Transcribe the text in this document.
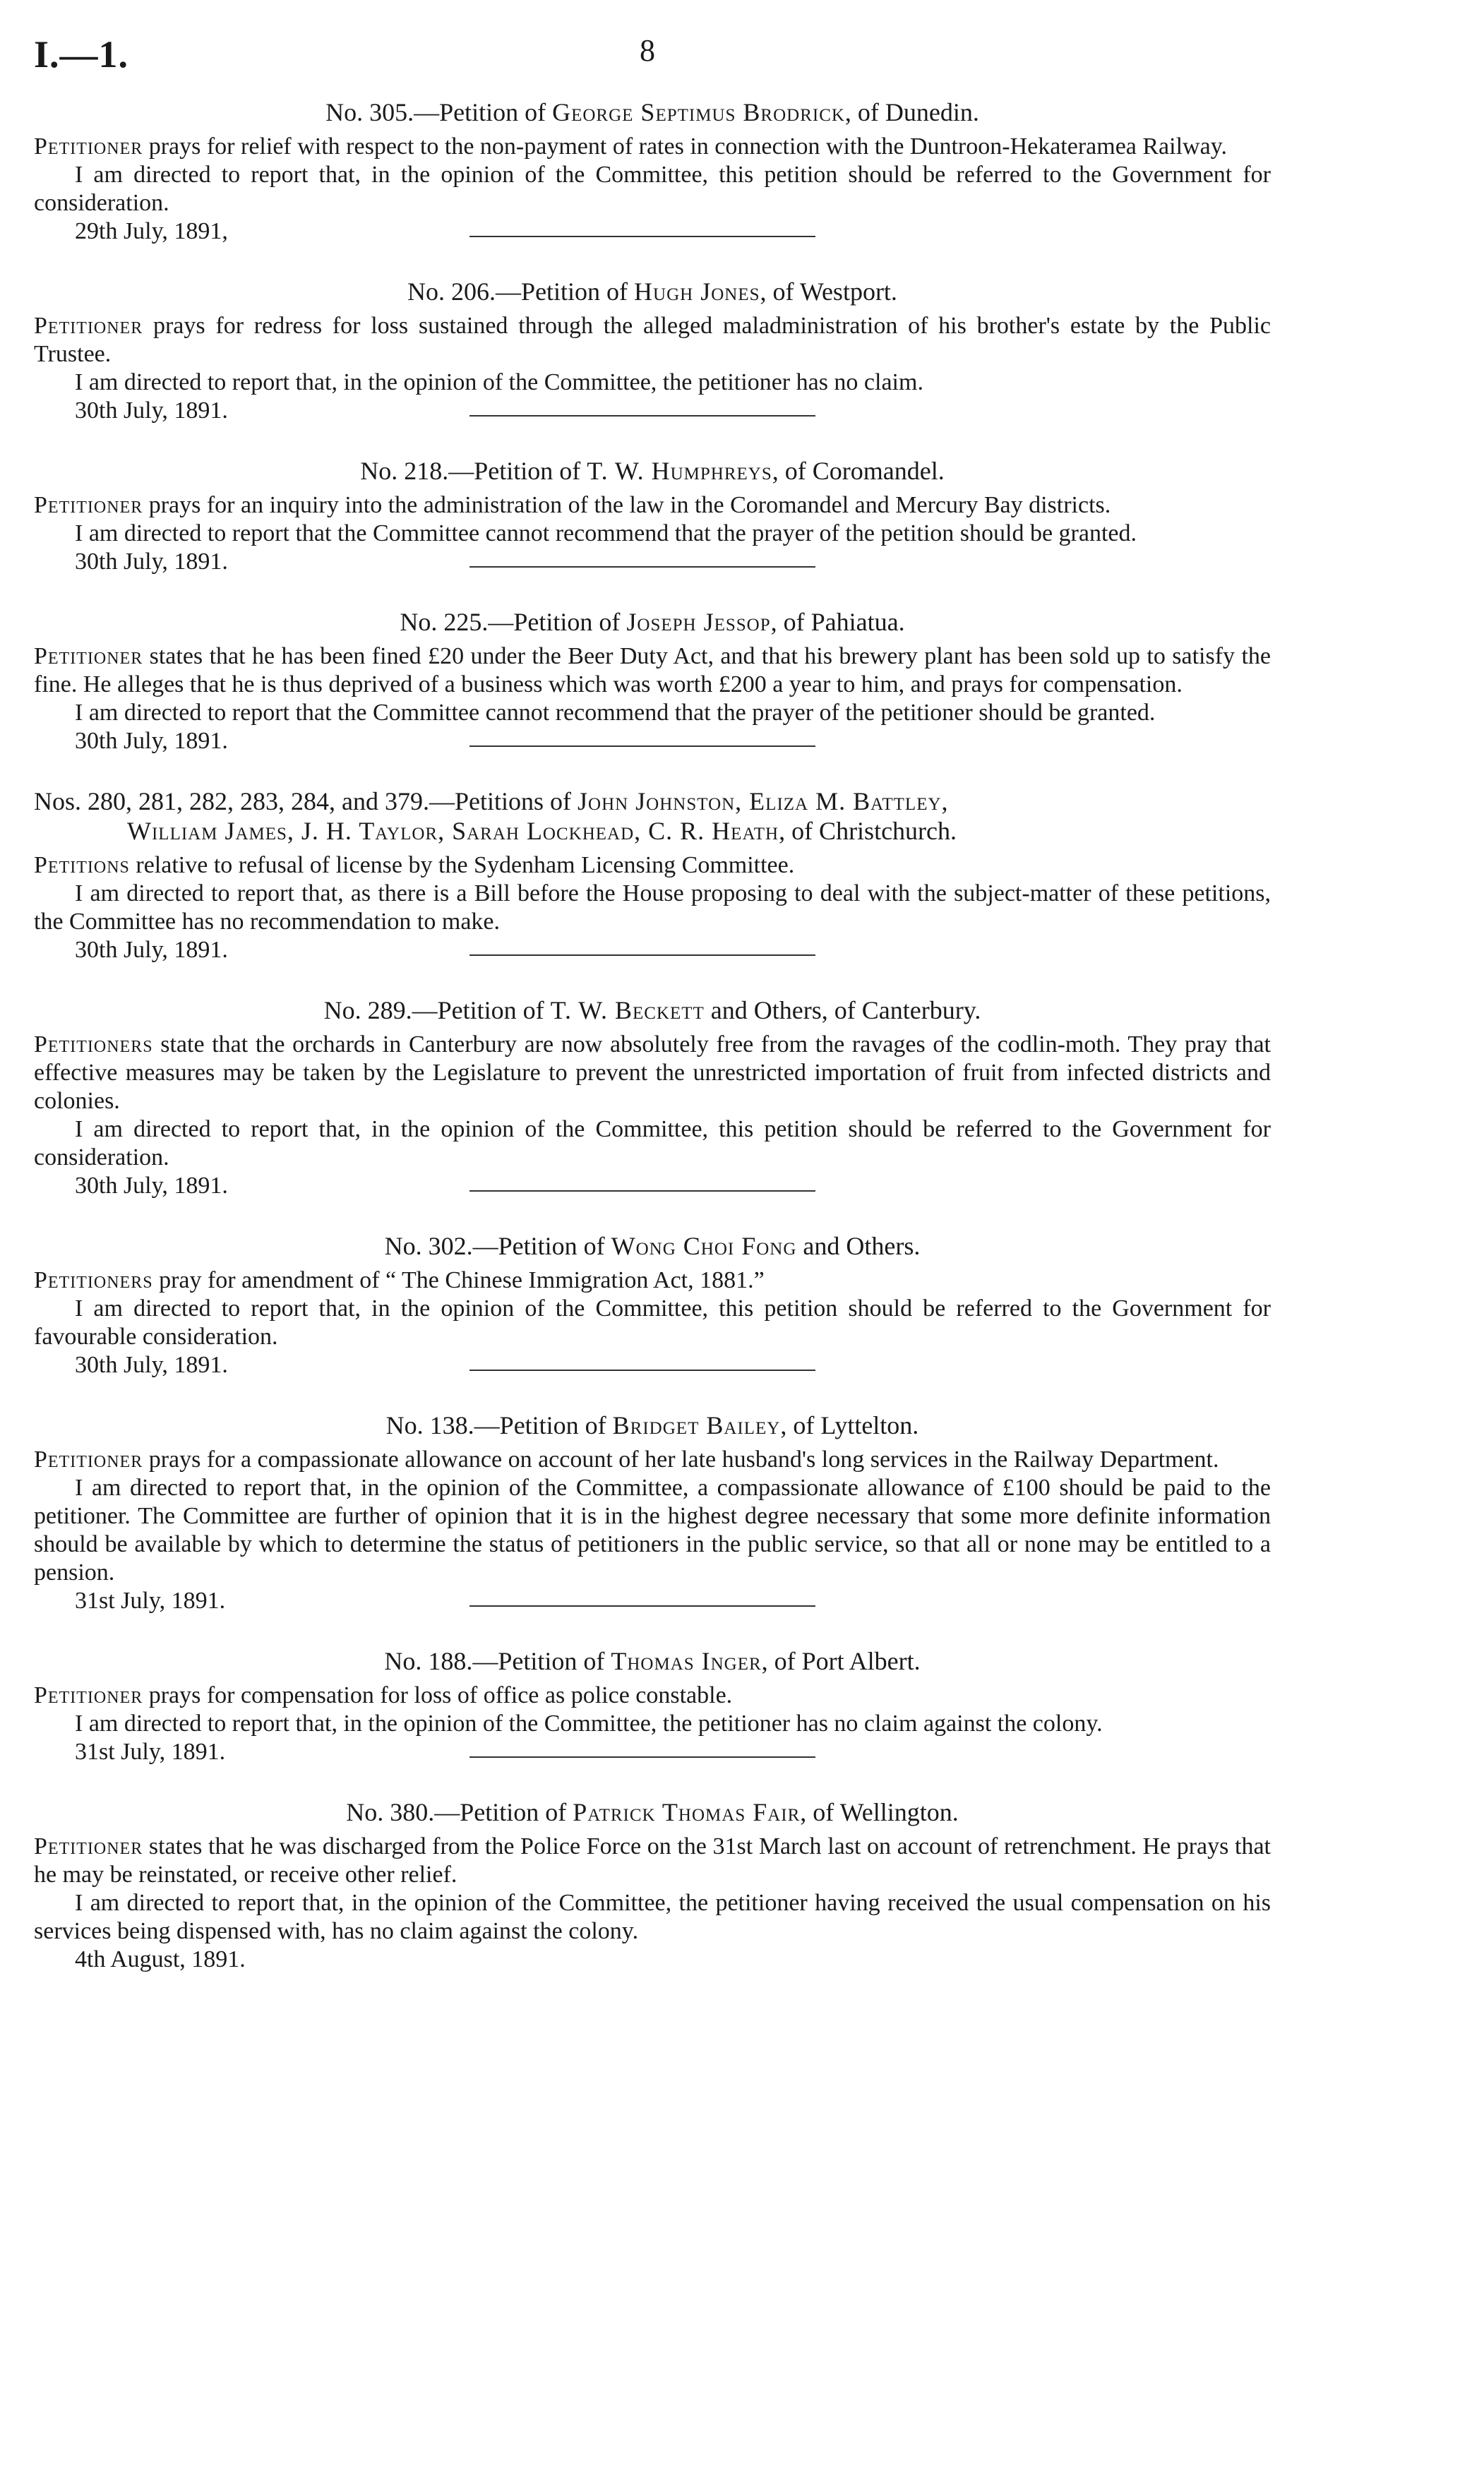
I.—1.	8
No. 305.—Petition of George Septimus Brodrick, of Dunedin.

Petitioner prays for relief with respect to the non-payment of rates in connection with the Duntroon-Hekateramea Railway.

I am directed to report that, in the opinion of the Committee, this petition should be referred to the Government for consideration.

29th July, 1891,
No. 206.—Petition of Hugh Jones, of Westport.

Petitioner prays for redress for loss sustained through the alleged maladministration of his brother's estate by the Public Trustee.

I am directed to report that, in the opinion of the Committee, the petitioner has no claim.

30th July, 1891.
No. 218.—Petition of T. W. Humphreys, of Coromandel.

Petitioner prays for an inquiry into the administration of the law in the Coromandel and Mercury Bay districts.

I am directed to report that the Committee cannot recommend that the prayer of the petition should be granted.

30th July, 1891.
No. 225.—Petition of Joseph Jessop, of Pahiatua.

Petitioner states that he has been fined £20 under the Beer Duty Act, and that his brewery plant has been sold up to satisfy the fine. He alleges that he is thus deprived of a business which was worth £200 a year to him, and prays for compensation.

I am directed to report that the Committee cannot recommend that the prayer of the petitioner should be granted.

30th July, 1891.
Nos. 280, 281, 282, 283, 284, and 379.—Petitions of John Johnston, Eliza M. Battley,
William James, J. H. Taylor, Sarah Lockhead, C. R. Heath, of Christchurch.

Petitions relative to refusal of license by the Sydenham Licensing Committee.

I am directed to report that, as there is a Bill before the House proposing to deal with the subject-matter of these petitions, the Committee has no recommendation to make.

30th July, 1891.
No. 289.—Petition of T. W. Beckett and Others, of Canterbury.

Petitioners state that the orchards in Canterbury are now absolutely free from the ravages of the codlin-moth. They pray that effective measures may be taken by the Legislature to prevent the unrestricted importation of fruit from infected districts and colonies.

I am directed to report that, in the opinion of the Committee, this petition should be referred to the Government for consideration.

30th July, 1891.
No. 302.—Petition of Wong Choi Fong and Others.

Petitioners pray for amendment of “ The Chinese Immigration Act, 1881.”

I am directed to report that, in the opinion of the Committee, this petition should be referred to the Government for favourable consideration.

30th July, 1891.
No. 138.—Petition of Bridget Bailey, of Lyttelton.

Petitioner prays for a compassionate allowance on account of her late husband's long services in the Railway Department.

I am directed to report that, in the opinion of the Committee, a compassionate allowance of £100 should be paid to the petitioner. The Committee are further of opinion that it is in the highest degree necessary that some more definite information should be available by which to determine the status of petitioners in the public service, so that all or none may be entitled to a pension.

31st July, 1891.
No. 188.—Petition of Thomas Inger, of Port Albert.

Petitioner prays for compensation for loss of office as police constable.

I am directed to report that, in the opinion of the Committee, the petitioner has no claim against the colony.

31st July, 1891.
No. 380.—Petition of Patrick Thomas Fair, of Wellington.

Petitioner states that he was discharged from the Police Force on the 31st March last on account of retrenchment. He prays that he may be reinstated, or receive other relief.

I am directed to report that, in the opinion of the Committee, the petitioner having received the usual compensation on his services being dispensed with, has no claim against the colony.

4th August, 1891.
